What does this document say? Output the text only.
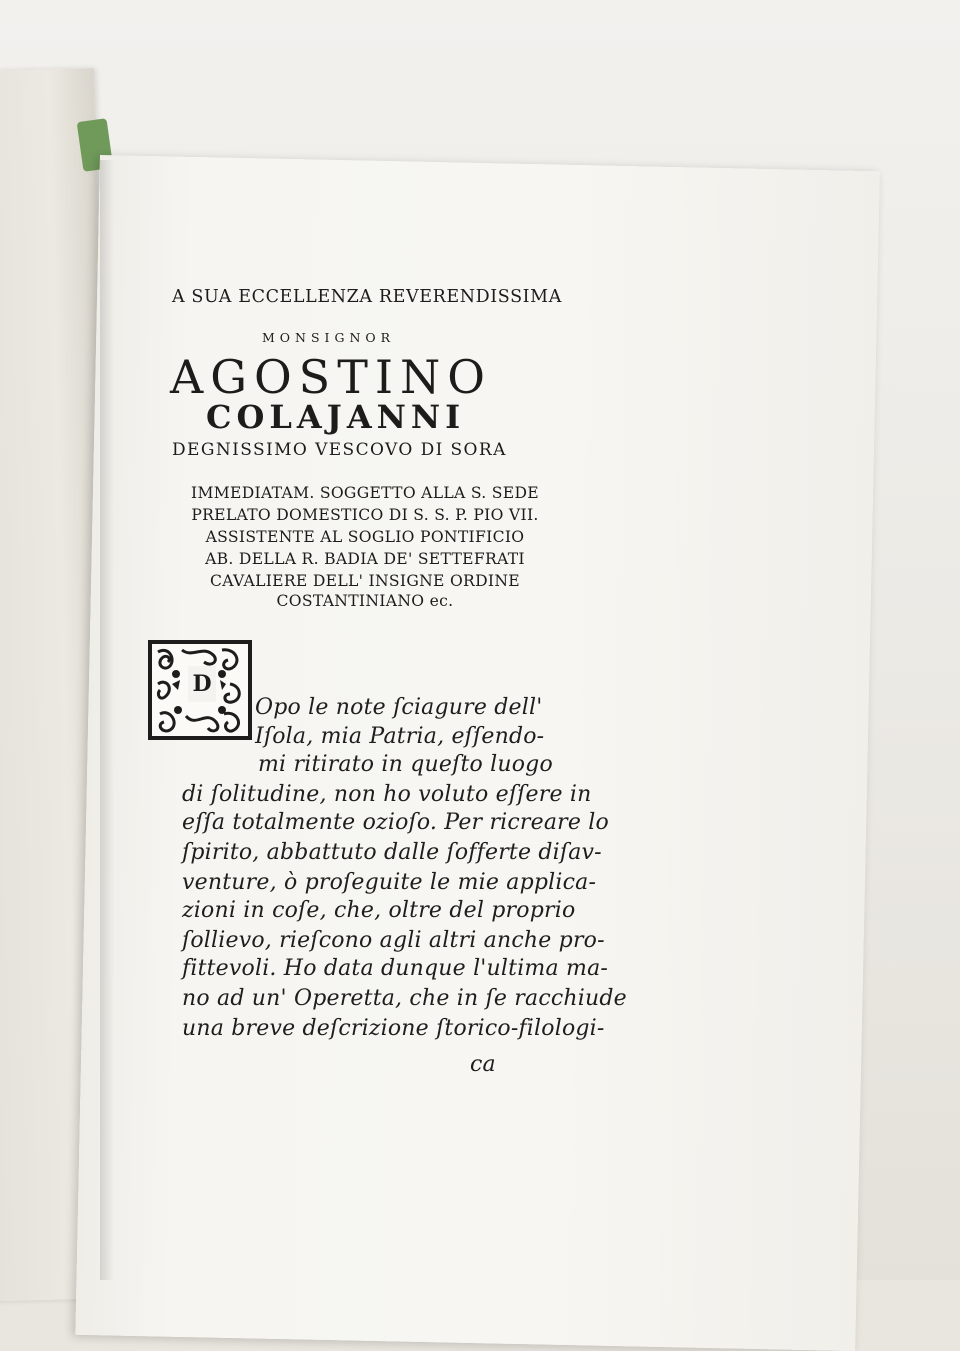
A SUA ECCELLENZA REVERENDISSIMA
MONSIGNOR
AGOSTINO
COLAJANNI
DEGNISSIMO VESCOVO DI SORA
IMMEDIATAM. SOGGETTO ALLA S. SEDE
PRELATO DOMESTICO DI S. S. P. PIO VII.
ASSISTENTE AL SOGLIO PONTIFICIO
AB. DELLA R. BADIA DE' SETTEFRATI
CAVALIERE DELL' INSIGNE ORDINE
COSTANTINIANO ec.
D
Opo le note ſciagure dell'
Iſola, mia Patria, eſſendo-
mi ritirato in queſto luogo
di ſolitudine, non ho voluto eſſere in
eſſa totalmente ozioſo. Per ricreare lo
ſpirito, abbattuto dalle ſofferte diſav-
venture, ò proſeguite le mie applica-
zioni in coſe, che, oltre del proprio
ſollievo, rieſcono agli altri anche pro-
fittevoli. Ho data dunque l'ultima ma-
no ad un' Operetta, che in ſe racchiude
una breve deſcrizione ſtorico-filologi-
ca
